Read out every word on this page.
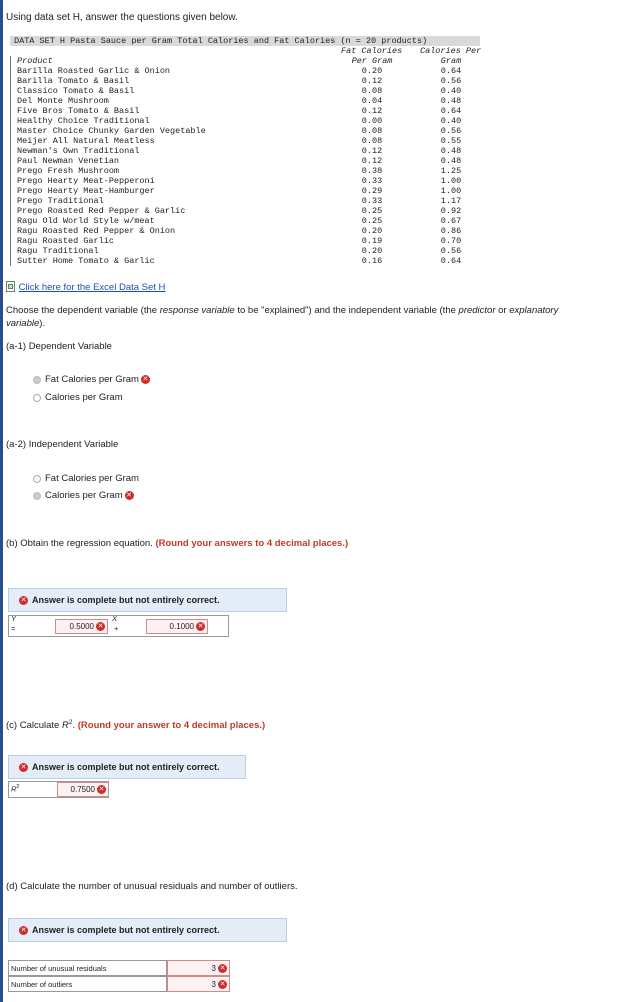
Using data set H, answer the questions given below.
DATA SET H Pasta Sauce per Gram Total Calories and Fat Calories (n = 20 products)
Fat Calories Calories Per
Product	Per Gram	Gram
Barilla Roasted Garlic & Onion	0.20	0.64
Barilla Tomato & Basil	0.12	0.56
Classico Tomato & Basil	0.08	0.40
Del Monte Mushroom	0.04	0.48
Five Bros Tomato & Basil	0.12	0.64
Healthy Choice Traditional	0.00	0.40
Master Choice Chunky Garden Vegetable	0.08	0.56
Meijer All Natural Meatless	0.08	0.55
Newman's Own Traditional	0.12	0.48
Paul Newman Venetian	0.12	0.48
Prego Fresh Mushroom	0.38	1.25
Prego Hearty Meat-Pepperoni	0.33	1.00
Prego Hearty Meat-Hamburger	0.29	1.00
Prego Traditional	0.33	1.17
Prego Roasted Red Pepper & Garlic	0.25	0.92
Ragu Old World Style w/meat	0.25	0.67
Ragu Roasted Red Pepper & Onion	0.20	0.86
Ragu Roasted Garlic	0.19	0.70
Ragu Traditional	0.20	0.56
Sutter Home Tomato & Garlic	0.16	0.64
Click here for the Excel Data Set H
Choose the dependent variable (the response variable to be "explained") and the independent variable (the predictor or explanatory
variable).
(a-1) Dependent Variable
Fat Calories per Gram ✕
Calories per Gram
(a-2) Independent Variable
Fat Calories per Gram
Calories per Gram ✕
(b) Obtain the regression equation. (Round your answers to 4 decimal places.)
✕ Answer is complete but not entirely correct.
Y
=	0.5000 ✕
X
+	0.1000 ✕
(c) Calculate $R^2$. (Round your answer to 4 decimal places.)
✕ Answer is complete but not entirely correct.
$R^2$	0.7500 ✕
(d) Calculate the number of unusual residuals and number of outliers.
✕ Answer is complete but not entirely correct.
Number of unusual residuals	3 ✕
Number of outliers	3 ✕
